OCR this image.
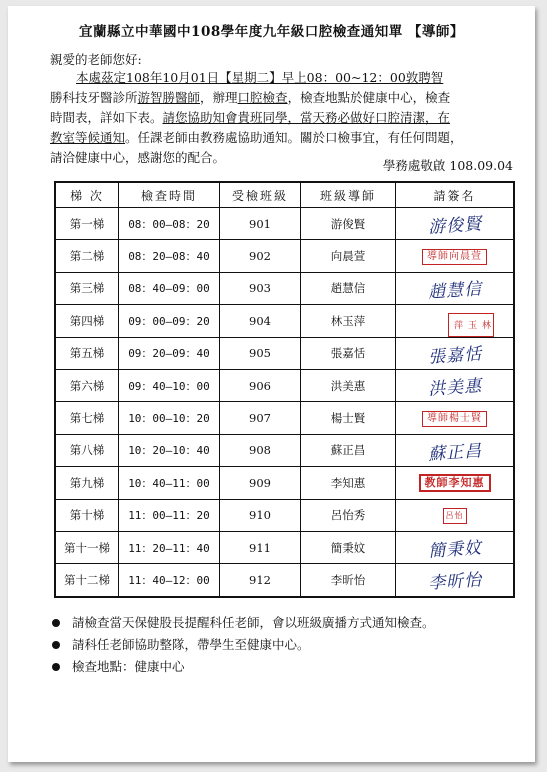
宜蘭縣立中華國中108學年度九年級口腔檢查通知單 【導師】
親愛的老師您好:
本處茲定108年10月01日【星期二】早上08：00~12：00敦聘智
勝科技牙醫診所游智勝醫師，辦理口腔檢查，檢查地點於健康中心，檢查
時間表，詳如下表。請您協助知會貴班同學，當天務必做好口腔清潔，在
教室等候通知。任課老師由教務處協助通知。關於口檢事宜，有任何問題，
請洽健康中心，感謝您的配合。
學務處敬啟 108.09.04
梯 次	檢查時間	受檢班級	班級導師	請簽名
第一梯	08：00—08：20	901	游俊賢	游俊賢
第二梯	08：20—08：40	902	向晨萱	導師向晨萱
第三梯	08：40—09：00	903	趙慧信	趙慧信
第四梯	09：00—09：20	904	林玉萍	林玉萍

第五梯	09：20—09：40	905	張嘉恬	張嘉恬
第六梯	09：40—10：00	906	洪美惠	洪美惠
第七梯	10：00—10：20	907	楊士賢	導師楊士賢
第八梯	10：20—10：40	908	蘇正昌	蘇正昌
第九梯	10：40—11：00	909	李知惠	教師李知惠
第十梯	11：00—11：20	910	呂怡秀	呂怡
第十一梯	11：20—11：40	911	簡秉妏	簡秉妏
第十二梯	11：40—12：00	912	李昕怡	李昕怡
請檢查當天保健股長提醒科任老師，會以班級廣播方式通知檢查。
請科任老師協助整隊，帶學生至健康中心。
檢查地點：健康中心
